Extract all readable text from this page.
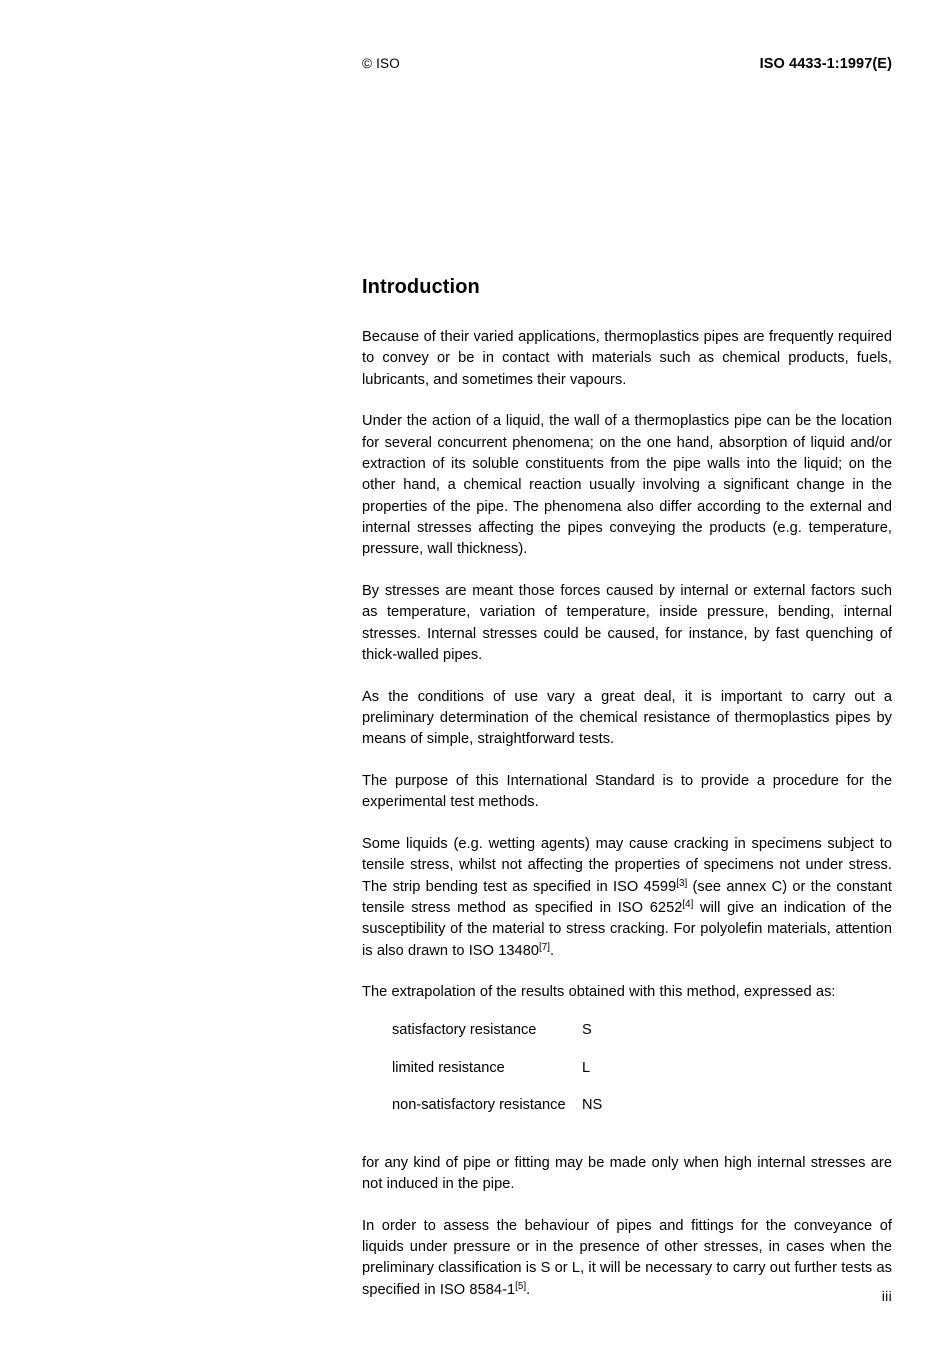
© ISO	ISO 4433-1:1997(E)
Introduction

Because of their varied applications, thermoplastics pipes are frequently required to convey or be in contact with materials such as chemical products, fuels, lubricants, and sometimes their vapours.

Under the action of a liquid, the wall of a thermoplastics pipe can be the location for several concurrent phenomena; on the one hand, absorption of liquid and/or extraction of its soluble constituents from the pipe walls into the liquid; on the other hand, a chemical reaction usually involving a significant change in the properties of the pipe. The phenomena also differ according to the external and internal stresses affecting the pipes conveying the products (e.g. temperature, pressure, wall thickness).

By stresses are meant those forces caused by internal or external factors such as temperature, variation of temperature, inside pressure, bending, internal stresses. Internal stresses could be caused, for instance, by fast quenching of thick-walled pipes.

As the conditions of use vary a great deal, it is important to carry out a preliminary determination of the chemical resistance of thermoplastics pipes by means of simple, straightforward tests.

The purpose of this International Standard is to provide a procedure for the experimental test methods.

Some liquids (e.g. wetting agents) may cause cracking in specimens subject to tensile stress, whilst not affecting the properties of specimens not under stress. The strip bending test as specified in ISO 4599[3] (see annex C) or the constant tensile stress method as specified in ISO 6252[4] will give an indication of the susceptibility of the material to stress cracking. For polyolefin materials, attention is also drawn to ISO 13480[7].

The extrapolation of the results obtained with this method, expressed as:

satisfactory resistance	S
limited resistance	L
non-satisfactory resistance	NS

for any kind of pipe or fitting may be made only when high internal stresses are not induced in the pipe.

In order to assess the behaviour of pipes and fittings for the conveyance of liquids under pressure or in the presence of other stresses, in cases when the preliminary classification is S or L, it will be necessary to carry out further tests as specified in ISO 8584-1[5].	iii
